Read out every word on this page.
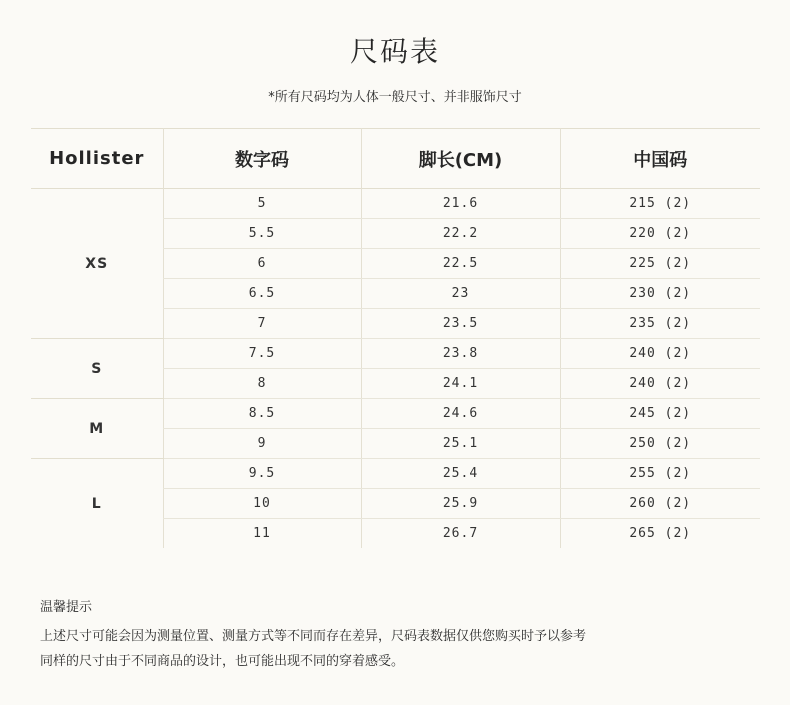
尺码表
*所有尺码均为人体一般尺寸、并非服饰尺寸
Hollister	数字码	脚长(CM)	中国码
XS	5	21.6	215 (2)
	5.5	22.2	220 (2)
	6	22.5	225 (2)
	6.5	23	230 (2)
	7	23.5	235 (2)
S	7.5	23.8	240 (2)
	8	24.1	240 (2)
M	8.5	24.6	245 (2)
	9	25.1	250 (2)
L	9.5	25.4	255 (2)
	10	25.9	260 (2)
	11	26.7	265 (2)
温馨提示
上述尺寸可能会因为测量位置、测量方式等不同而存在差异，尺码表数据仅供您购买时予以参考
同样的尺寸由于不同商品的设计，也可能出现不同的穿着感受。
